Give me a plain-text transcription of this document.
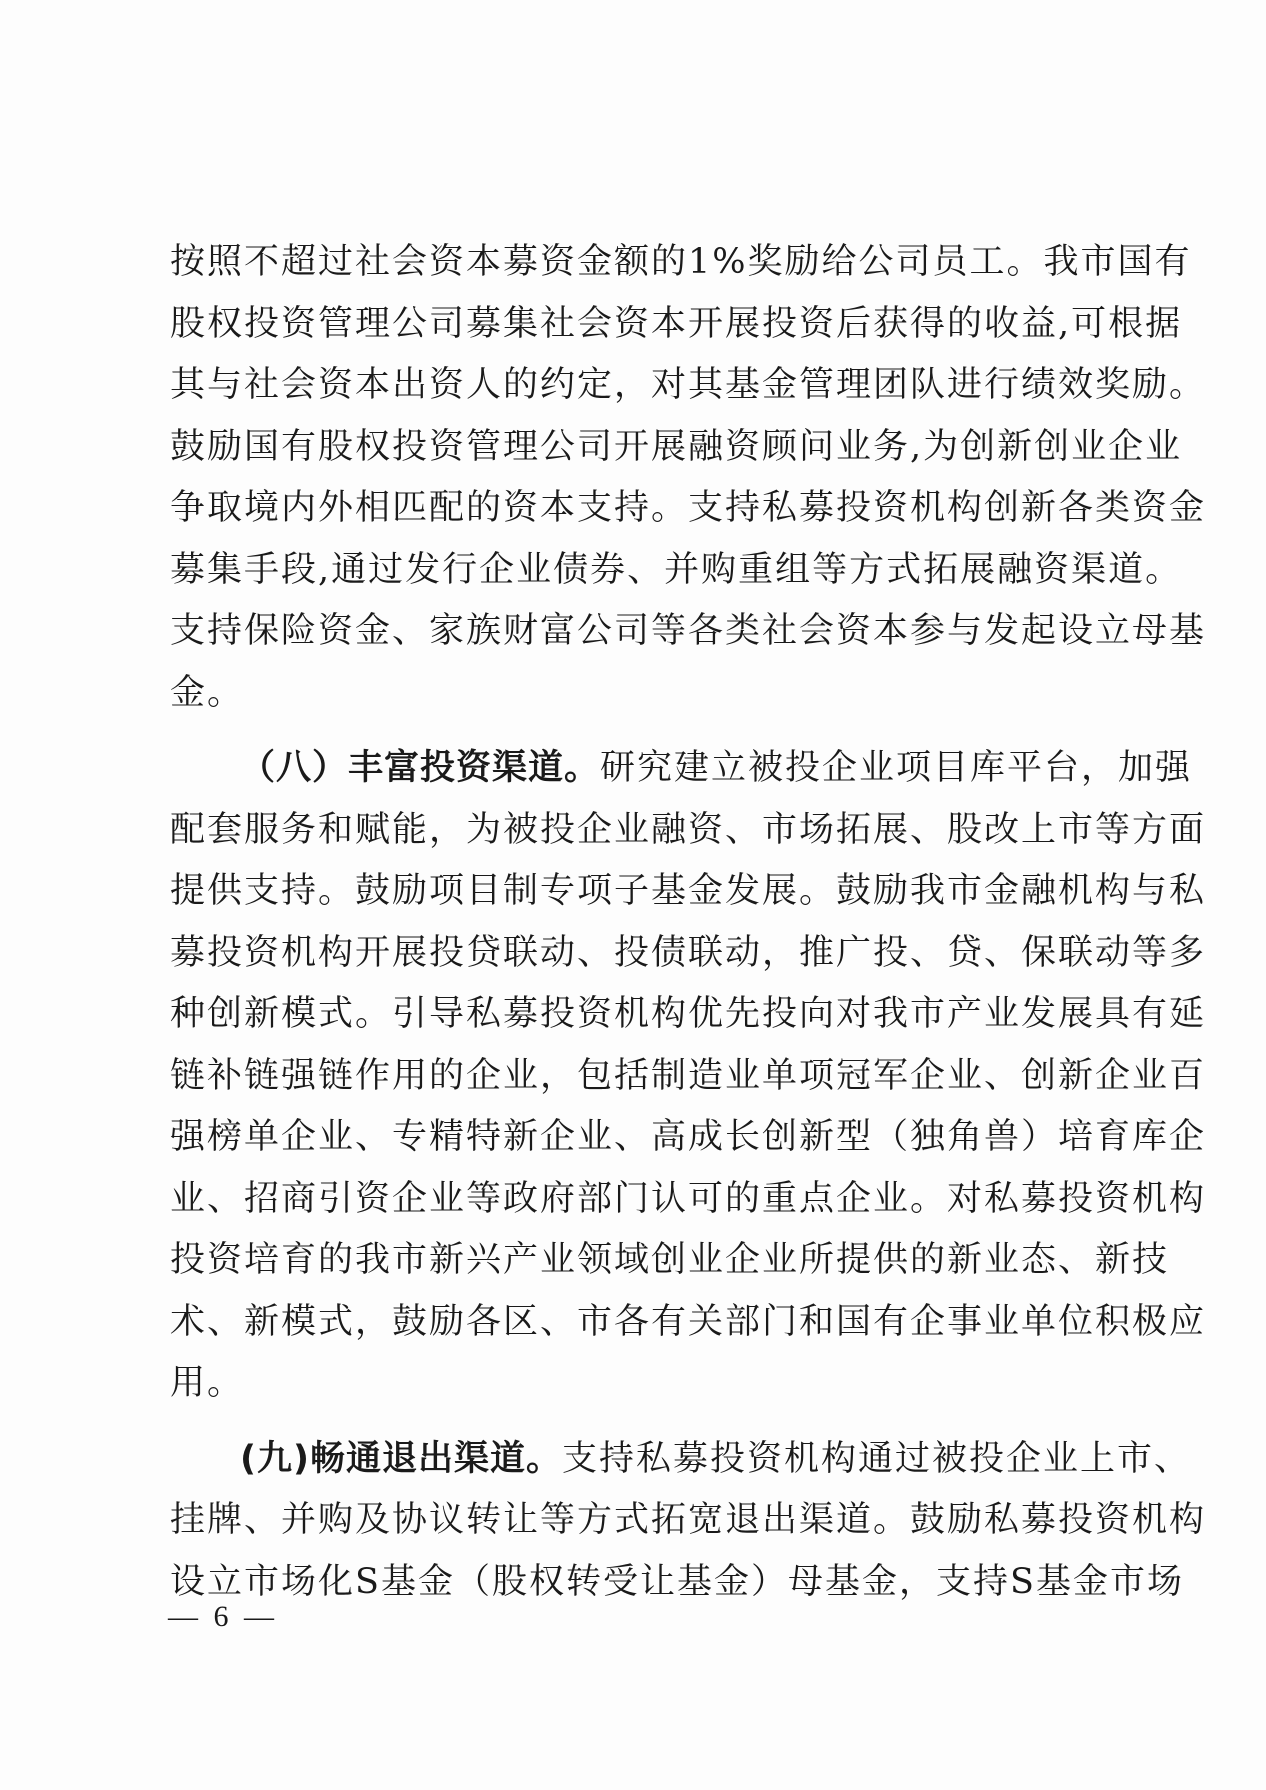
按照不超过社会资本募资金额的1%奖励给公司员工。我市国有
股权投资管理公司募集社会资本开展投资后获得的收益,可根据
其与社会资本出资人的约定，对其基金管理团队进行绩效奖励。
鼓励国有股权投资管理公司开展融资顾问业务,为创新创业企业
争取境内外相匹配的资本支持。支持私募投资机构创新各类资金
募集手段,通过发行企业债券、并购重组等方式拓展融资渠道。
支持保险资金、家族财富公司等各类社会资本参与发起设立母基
金。
（八）丰富投资渠道。研究建立被投企业项目库平台，加强
配套服务和赋能，为被投企业融资、市场拓展、股改上市等方面
提供支持。鼓励项目制专项子基金发展。鼓励我市金融机构与私
募投资机构开展投贷联动、投债联动，推广投、贷、保联动等多
种创新模式。引导私募投资机构优先投向对我市产业发展具有延
链补链强链作用的企业，包括制造业单项冠军企业、创新企业百
强榜单企业、专精特新企业、高成长创新型（独角兽）培育库企
业、招商引资企业等政府部门认可的重点企业。对私募投资机构
投资培育的我市新兴产业领域创业企业所提供的新业态、新技
术、新模式，鼓励各区、市各有关部门和国有企事业单位积极应
用。
(九)畅通退出渠道。支持私募投资机构通过被投企业上市、
挂牌、并购及协议转让等方式拓宽退出渠道。鼓励私募投资机构
设立市场化S基金（股权转受让基金）母基金，支持S基金市场
— 6 —
